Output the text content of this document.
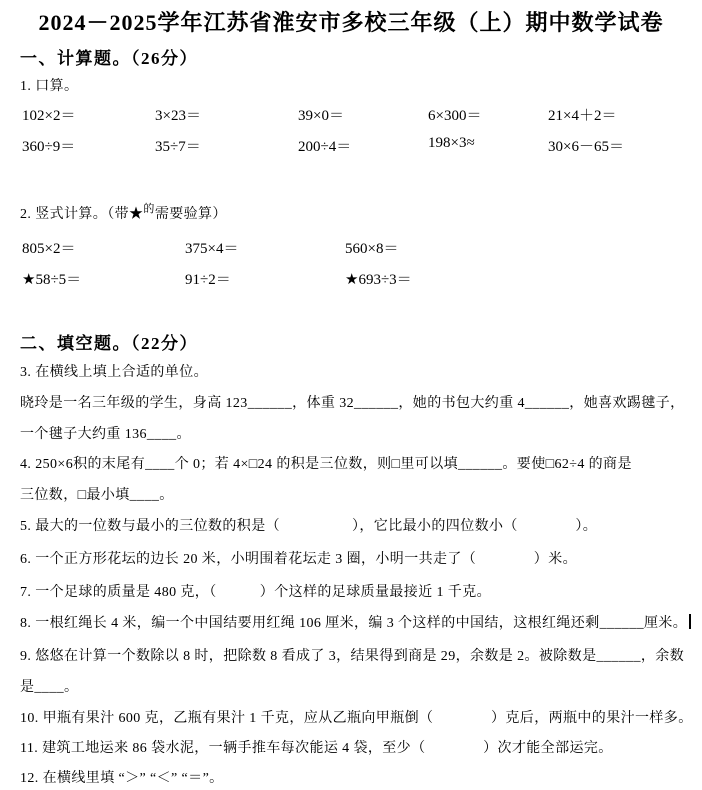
2024－2025学年江苏省淮安市多校三年级（上）期中数学试卷
一、计算题。（26分）
1. 口算。
102×2＝	3×23＝	39×0＝	6×300＝	21×4＋2＝
360÷9＝	35÷7＝	200÷4＝	198×3≈	30×6－65＝
2. 竖式计算。（带★$^的$需要验算）
805×2＝	375×4＝	560×8＝
★58÷5＝	91÷2＝	★693÷3＝
二、填空题。（22分）
3. 在横线上填上合适的单位。
晓玲是一名三年级的学生，身高 123______，体重 32______，她的书包大约重 4______，她喜欢踢毽子，
一个毽子大约重 136____。
4. 250×6积的末尾有____个 0；若 4×□24 的积是三位数，则□里可以填______。要使□62÷4 的商是
三位数，□最小填____。
5. 最大的一位数与最小的三位数的积是（　　　　　），它比最小的四位数小（　　　　）。
6. 一个正方形花坛的边长 20 米，小明围着花坛走 3 圈，小明一共走了（　　　　）米。
7. 一个足球的质量是 480 克，（　　　）个这样的足球质量最接近 1 千克。
8. 一根红绳长 4 米，编一个中国结要用红绳 106 厘米，编 3 个这样的中国结，这根红绳还剩______厘米。
9. 悠悠在计算一个数除以 8 时，把除数 8 看成了 3，结果得到商是 29，余数是 2。被除数是______，余数
是____。
10. 甲瓶有果汁 600 克，乙瓶有果汁 1 千克，应从乙瓶向甲瓶倒（　　　　）克后，两瓶中的果汁一样多。
11. 建筑工地运来 86 袋水泥，一辆手推车每次能运 4 袋，至少（　　　　）次才能全部运完。
12. 在横线里填 “＞” “＜” “＝”。
